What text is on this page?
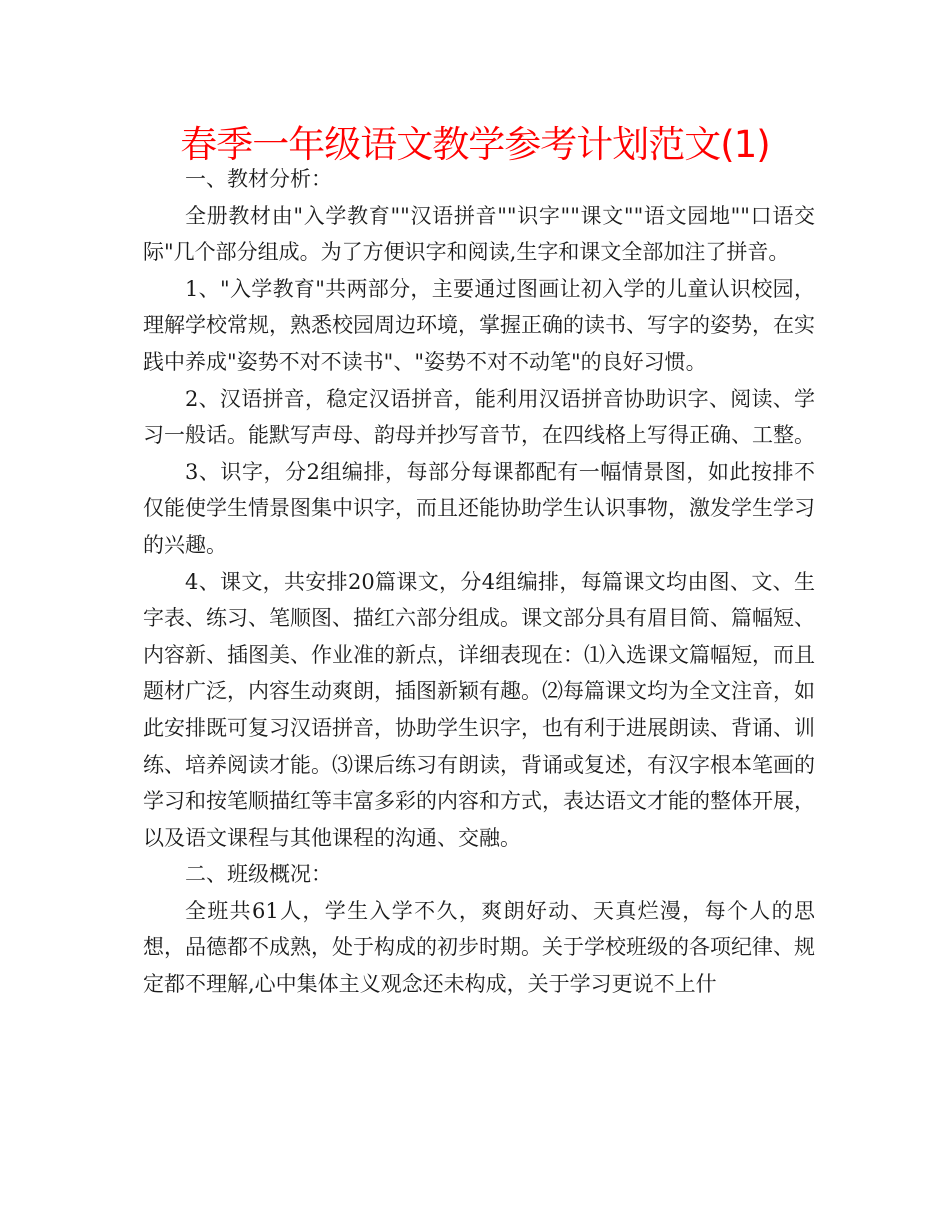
春季一年级语文教学参考计划范文(1)

一、教材分析：

全册教材由"入学教育""汉语拼音""识字""课文""语文园地""口语交际"几个部分组成。为了方便识字和阅读,生字和课文全部加注了拼音。

1、"入学教育"共两部分，主要通过图画让初入学的儿童认识校园，理解学校常规，熟悉校园周边环境，掌握正确的读书、写字的姿势，在实践中养成"姿势不对不读书"、"姿势不对不动笔"的良好习惯。

2、汉语拼音，稳定汉语拼音，能利用汉语拼音协助识字、阅读、学习一般话。能默写声母、韵母并抄写音节，在四线格上写得正确、工整。

3、识字，分2组编排，每部分每课都配有一幅情景图，如此按排不仅能使学生情景图集中识字，而且还能协助学生认识事物，激发学生学习的兴趣。

4、课文，共安排20篇课文，分4组编排，每篇课文均由图、文、生字表、练习、笔顺图、描红六部分组成。课文部分具有眉目简、篇幅短、内容新、插图美、作业准的新点，详细表现在：⑴入选课文篇幅短，而且题材广泛，内容生动爽朗，插图新颖有趣。⑵每篇课文均为全文注音，如此安排既可复习汉语拼音，协助学生识字，也有利于进展朗读、背诵、训练、培养阅读才能。⑶课后练习有朗读，背诵或复述，有汉字根本笔画的学习和按笔顺描红等丰富多彩的内容和方式，表达语文才能的整体开展，以及语文课程与其他课程的沟通、交融。

二、班级概况：

全班共61人，学生入学不久，爽朗好动、天真烂漫，每个人的思想，品德都不成熟，处于构成的初步时期。关于学校班级的各项纪律、规定都不理解,心中集体主义观念还未构成，关于学习更说不上什
